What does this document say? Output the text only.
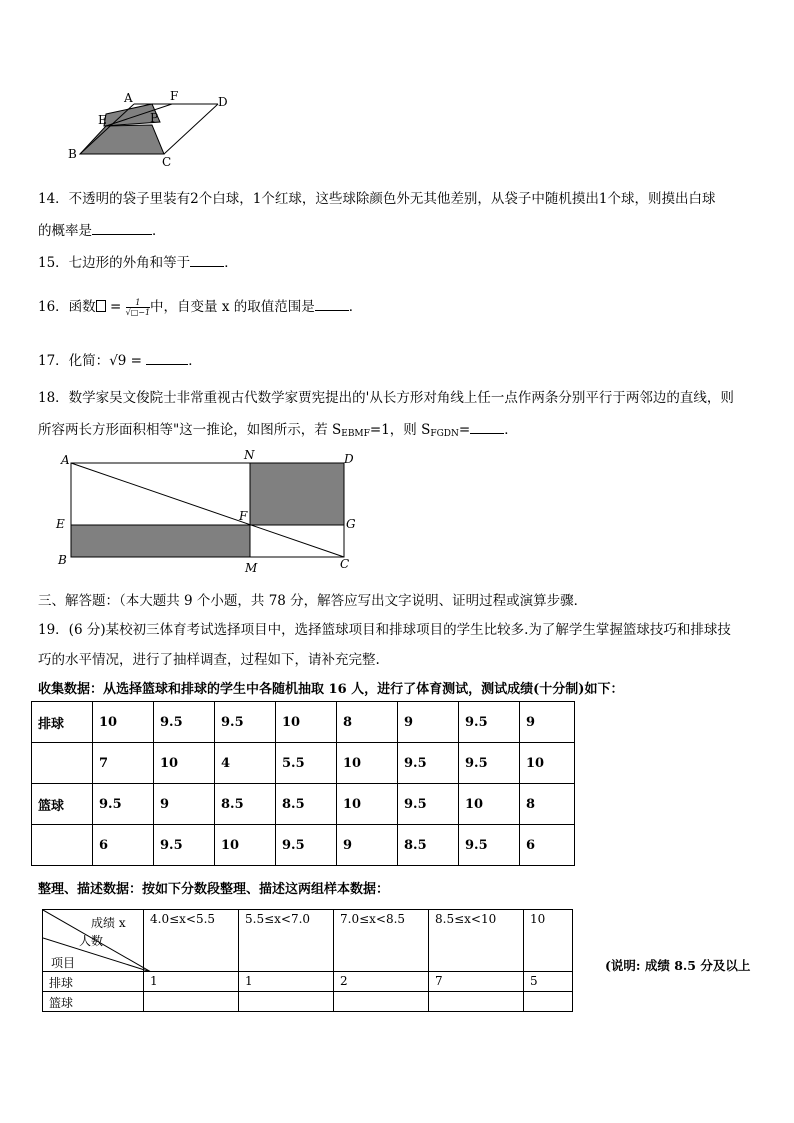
A	F	D
E	P
B
C
14．不透明的袋子里装有2个白球，1个红球，这些球除颜色外无其他差别，从袋子中随机摸出1个球，则摸出白球
的概率是	．
15．七边形的外角和等于	．
16．函数 = $\frac{1}{√□-1}$ 中，自变量 x 的取值范围是	．
17．化简：√9 =	．
18．数学家吴文俊院士非常重视古代数学家贾宪提出的'从长方形对角线上任一点作两条分别平行于两邻边的直线，则
所容两长方形面积相等"这一推论，如图所示，若 $S_{EBMF}=1$，则 $S_{FGDN}=$	．
A	N	D
E
F
G
B
M	C
三、解答题：（本大题共 9 个小题，共 78 分，解答应写出文字说明、证明过程或演算步骤．
19．(6 分)某校初三体育考试选择项目中，选择篮球项目和排球项目的学生比较多.为了解学生掌握篮球技巧和排球技
巧的水平情况，进行了抽样调查，过程如下，请补充完整.
收集数据：从选择篮球和排球的学生中各随机抽取 16 人，进行了体育测试，测试成绩(十分制)如下：
排球	10	9.5	9.5	10	8	9	9.5	9
	7	10	4	5.5	10	9.5	9.5	10
篮球	9.5	9	8.5	8.5	10	9.5	10	8
	6	9.5	10	9.5	9	8.5	9.5	6
整理、描述数据：按如下分数段整理、描述这两组样本数据：
成绩 x
人数
项目	4.0≤x<5.5	5.5≤x<7.0	7.0≤x<8.5	8.5≤x<10	10
排球	1	1	2	7	5
篮球					
(说明: 成绩 8.5 分及以上
